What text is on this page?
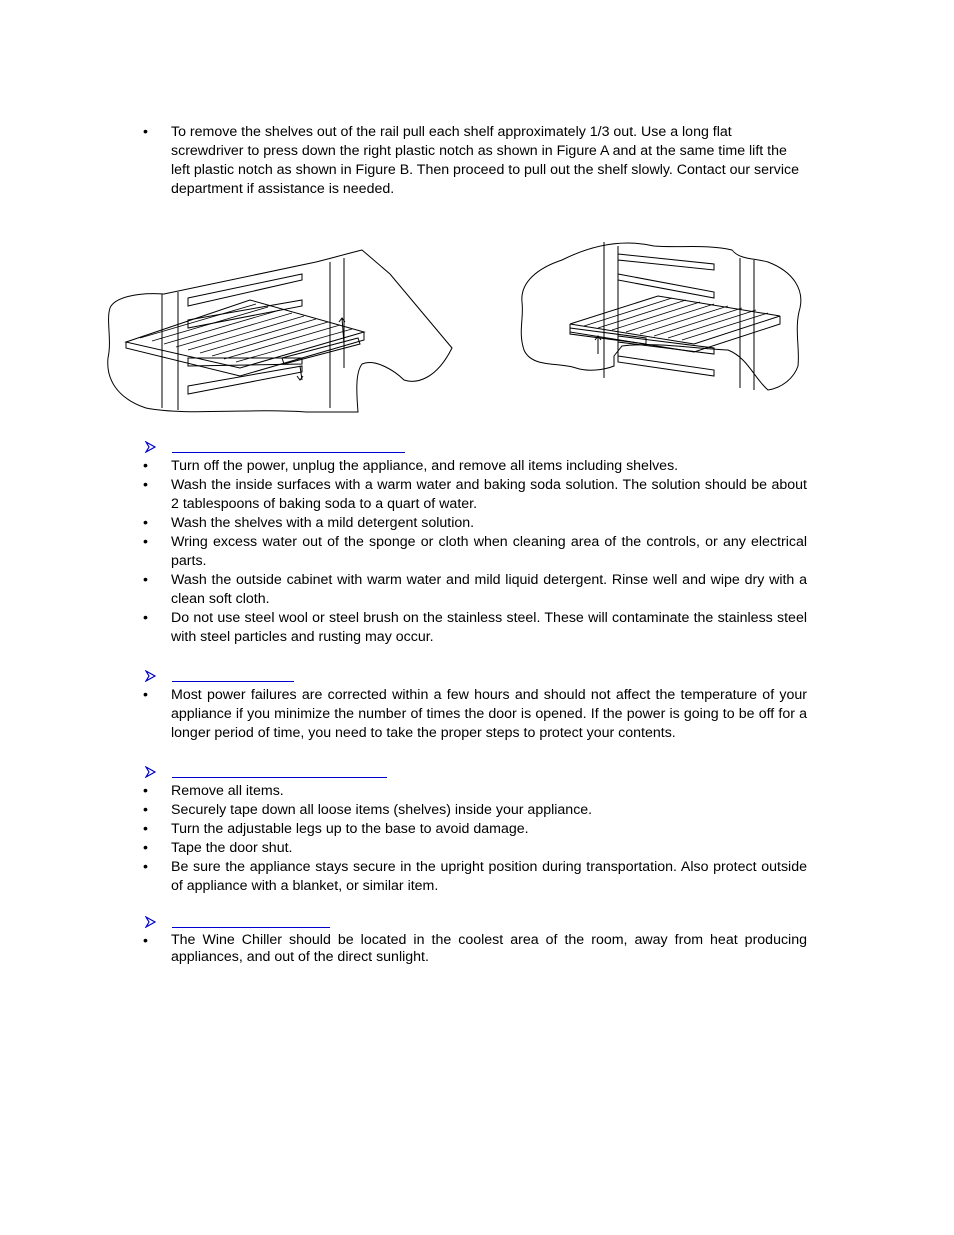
•	To remove the shelves out of the rail pull each shelf approximately 1/3 out. Use a long flat screwdriver to press down the right plastic notch as shown in Figure A and at the same time lift the left plastic notch as shown in Figure B. Then proceed to pull out the shelf slowly. Contact our service department if assistance is needed.
•	Turn off the power, unplug the appliance, and remove all items including shelves.
•	Wash the inside surfaces with a warm water and baking soda solution. The solution should be about 2 tablespoons of baking soda to a quart of water.
•	Wash the shelves with a mild detergent solution.
•	Wring excess water out of the sponge or cloth when cleaning area of the controls, or any electrical parts.
•	Wash the outside cabinet with warm water and mild liquid detergent. Rinse well and wipe dry with a clean soft cloth.
•	Do not use steel wool or steel brush on the stainless steel. These will contaminate the stainless steel with steel particles and rusting may occur.
•	Most power failures are corrected within a few hours and should not affect the temperature of your appliance if you minimize the number of times the door is opened. If the power is going to be off for a longer period of time, you need to take the proper steps to protect your contents.
•	Remove all items.
•	Securely tape down all loose items (shelves) inside your appliance.
•	Turn the adjustable legs up to the base to avoid damage.
•	Tape the door shut.
•	Be sure the appliance stays secure in the upright position during transportation. Also protect outside of appliance with a blanket, or similar item.
•	The Wine Chiller should be located in the coolest area of the room, away from heat producing appliances, and out of the direct sunlight.
